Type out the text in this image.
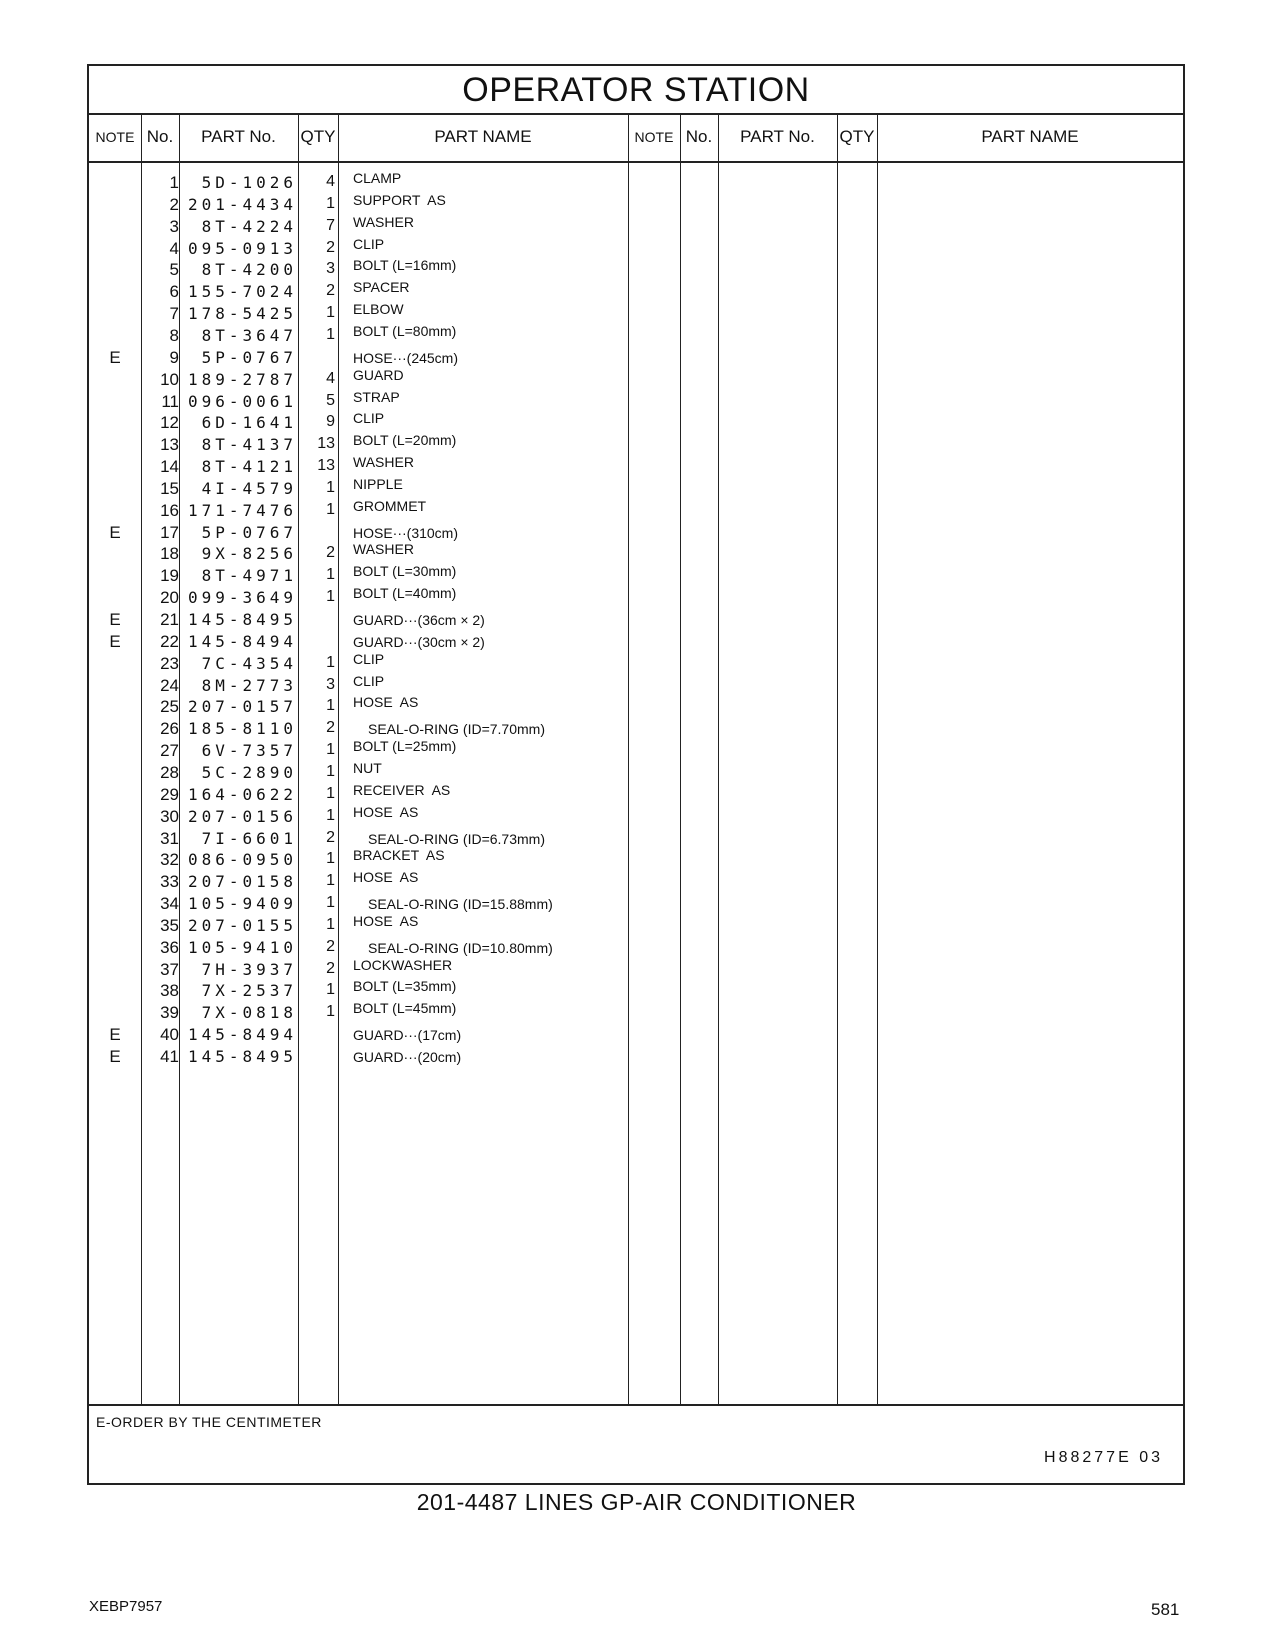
OPERATOR STATION
NOTE No.	PART No.	QTY	PART NAME	NOTE No.	PART No.	QTY	PART NAME
1	5D-1026	4 CLAMP
2 201-4434	1 SUPPORT  AS
3	8T-4224	7 WASHER
4 095-0913	2 CLIP
5	8T-4200	3 BOLT (L=16mm)
6 155-7024	2 SPACER
7 178-5425	1 ELBOW
8	8T-3647	1 BOLT (L=80mm)
E	9	5P-0767	HOSE···(245cm)
10 189-2787	4 GUARD
11 096-0061	5 STRAP
12	6D-1641	9 CLIP
13	8T-4137	13 BOLT (L=20mm)
14	8T-4121	13 WASHER
15	4I-4579	1 NIPPLE
16 171-7476	1 GROMMET
E	17	5P-0767	HOSE···(310cm)
18	9X-8256	2 WASHER
19	8T-4971	1 BOLT (L=30mm)
20 099-3649	1 BOLT (L=40mm)
E	21 145-8495	GUARD···(36cm × 2)
E	22 145-8494	GUARD···(30cm × 2)
23	7C-4354	1 CLIP
24	8M-2773	3 CLIP
25 207-0157	1 HOSE  AS
26 185-8110	2 SEAL-O-RING (ID=7.70mm)
27	6V-7357	1 BOLT (L=25mm)
28	5C-2890	1 NUT
29 164-0622	1 RECEIVER  AS
30 207-0156	1 HOSE  AS
31	7I-6601	2 SEAL-O-RING (ID=6.73mm)
32 086-0950	1 BRACKET  AS
33 207-0158	1 HOSE  AS
34 105-9409	1 SEAL-O-RING (ID=15.88mm)
35 207-0155	1 HOSE  AS
36 105-9410	2 SEAL-O-RING (ID=10.80mm)
37	7H-3937	2 LOCKWASHER
38	7X-2537	1 BOLT (L=35mm)
39	7X-0818	1 BOLT (L=45mm)
E	40 145-8494	GUARD···(17cm)
E	41 145-8495	GUARD···(20cm)
E-ORDER BY THE CENTIMETER
H88277E 03
201-4487 LINES GP-AIR CONDITIONER
XEBP7957	581
